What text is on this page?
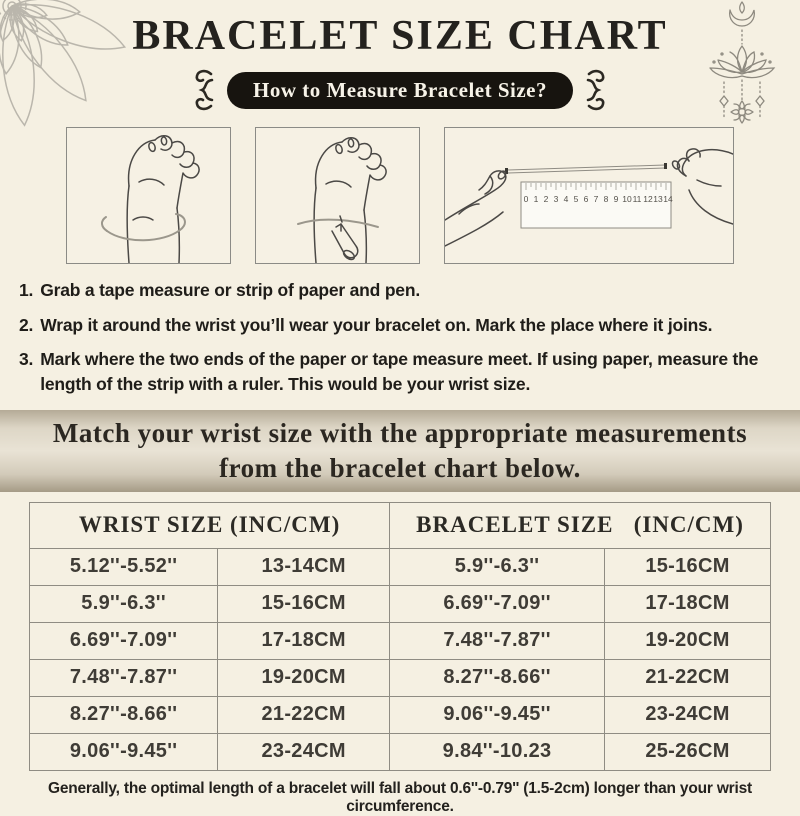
BRACELET SIZE CHART
How to Measure Bracelet Size?
0 1 2 3 4 5 6 7 8 9 10 11 12 13 14
1. Grab a tape measure or strip of paper and pen.
2. Wrap it around the wrist you’ll wear your bracelet on. Mark the place where it joins.
3. Mark where the two ends of the paper or tape measure meet. If using paper, measure the length of the strip with a ruler. This would be your wrist size.
Match your wrist size with the appropriate measurements
from the bracelet chart below.
WRIST SIZE (INC/CM)		BRACELET SIZE   (INC/CM)	
5.12''-5.52''	13-14CM	5.9''-6.3''	15-16CM
5.9''-6.3''	15-16CM	6.69''-7.09''	17-18CM
6.69''-7.09''	17-18CM	7.48''-7.87''	19-20CM
7.48''-7.87''	19-20CM	8.27''-8.66''	21-22CM
8.27''-8.66''	21-22CM	9.06''-9.45''	23-24CM
9.06''-9.45''	23-24CM	9.84''-10.23	25-26CM
Generally, the optimal length of a bracelet will fall about 0.6''-0.79'' (1.5-2cm) longer than your wrist circumference.
